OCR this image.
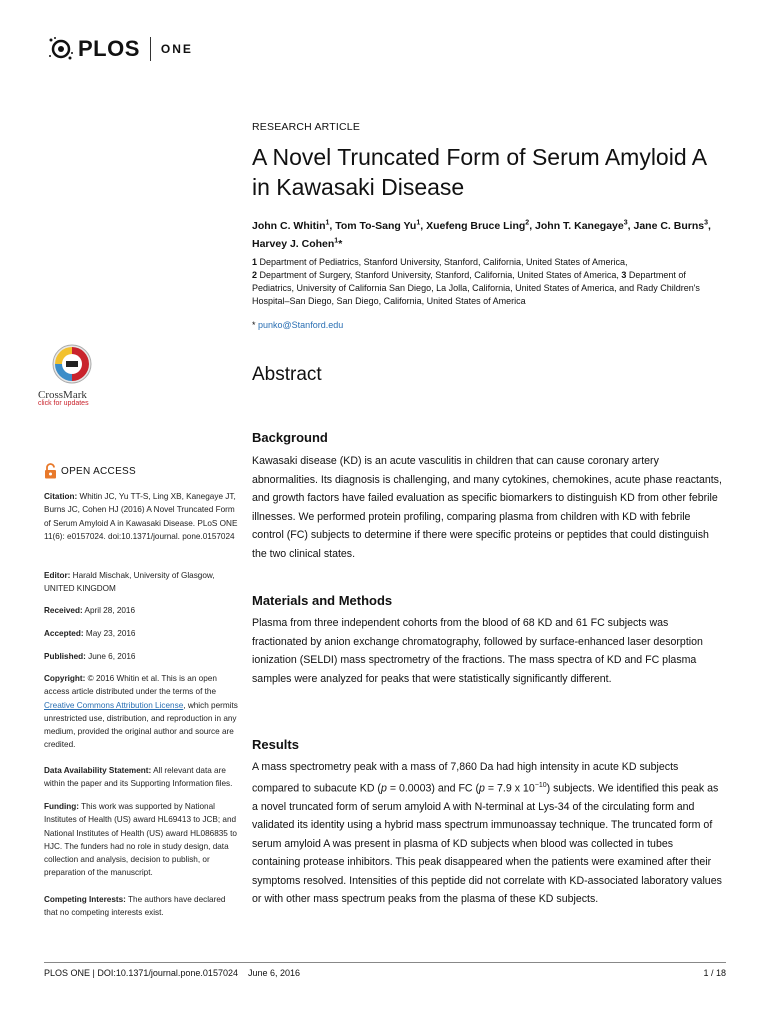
PLOS ONE
RESEARCH ARTICLE
A Novel Truncated Form of Serum Amyloid A
in Kawasaki Disease
John C. Whitin$^1$, Tom To-Sang Yu$^1$, Xuefeng Bruce Ling$^2$, John T. Kanegaye$^3$, Jane C. Burns$^3$, Harvey J. Cohen$^1$*
1 Department of Pediatrics, Stanford University, Stanford, California, United States of America,
2 Department of Surgery, Stanford University, Stanford, California, United States of America, 3 Department of Pediatrics, University of California San Diego, La Jolla, California, United States of America, and Rady Children's Hospital–San Diego, San Diego, California, United States of America
* punko@Stanford.edu
CrossMark
click for updates
Abstract
Background
Kawasaki disease (KD) is an acute vasculitis in children that can cause coronary artery abnormalities. Its diagnosis is challenging, and many cytokines, chemokines, acute phase reactants, and growth factors have failed evaluation as specific biomarkers to distinguish KD from other febrile illnesses. We performed protein profiling, comparing plasma from children with KD with febrile control (FC) subjects to determine if there were specific proteins or peptides that could distinguish the two clinical states.
Materials and Methods
Plasma from three independent cohorts from the blood of 68 KD and 61 FC subjects was fractionated by anion exchange chromatography, followed by surface-enhanced laser desorption ionization (SELDI) mass spectrometry of the fractions. The mass spectra of KD and FC plasma samples were analyzed for peaks that were statistically significantly different.
Results
A mass spectrometry peak with a mass of 7,860 Da had high intensity in acute KD subjects compared to subacute KD (p = 0.0003) and FC (p = 7.9 x $10^{-10}$) subjects. We identified this peak as a novel truncated form of serum amyloid A with N-terminal at Lys-34 of the circulating form and validated its identity using a hybrid mass spectrum immunoassay technique. The truncated form of serum amyloid A was present in plasma of KD subjects when blood was collected in tubes containing protease inhibitors. This peak disappeared when the patients were examined after their symptoms resolved. Intensities of this peptide did not correlate with KD-associated laboratory values or with other mass spectrum peaks from the plasma of these KD subjects.
OPEN ACCESS
Citation: Whitin JC, Yu TT-S, Ling XB, Kanegaye JT, Burns JC, Cohen HJ (2016) A Novel Truncated Form of Serum Amyloid A in Kawasaki Disease. PLoS ONE 11(6): e0157024. doi:10.1371/journal. pone.0157024
Editor: Harald Mischak, University of Glasgow, UNITED KINGDOM
Received: April 28, 2016
Accepted: May 23, 2016
Published: June 6, 2016
Copyright: © 2016 Whitin et al. This is an open access article distributed under the terms of the Creative Commons Attribution License, which permits unrestricted use, distribution, and reproduction in any medium, provided the original author and source are credited.
Data Availability Statement: All relevant data are within the paper and its Supporting Information files.
Funding: This work was supported by National Institutes of Health (US) award HL69413 to JCB; and National Institutes of Health (US) award HL086835 to HJC. The funders had no role in study design, data collection and analysis, decision to publish, or preparation of the manuscript.
Competing Interests: The authors have declared that no competing interests exist.
PLOS ONE | DOI:10.1371/journal.pone.0157024    June 6, 2016	1 / 18
